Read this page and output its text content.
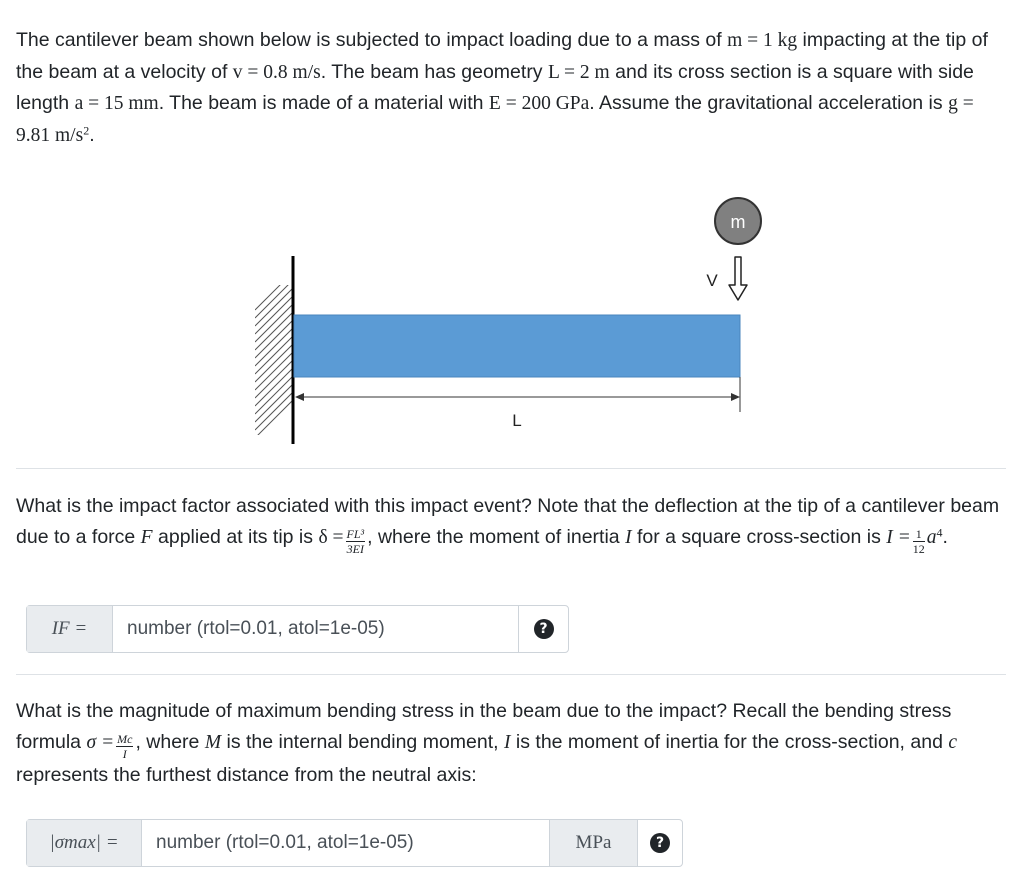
The cantilever beam shown below is subjected to impact loading due to a mass of m = 1 kg impacting at the tip of the beam at a velocity of v = 0.8 m/s. The beam has geometry L = 2 m and its cross section is a square with side length a = 15 mm. The beam is made of a material with E = 200 GPa. Assume the gravitational acceleration is g = 9.81 $m/s^2$.

L
m
V

What is the impact factor associated with this impact event? Note that the deflection at the tip of a cantilever beam due to a force F applied at its tip is $\delta = \frac{\text{FL³}}{3EI}$ , where the moment of inertia I for a square cross-section is $I = \frac{1}{12} a^4$.

IF =	number (rtol=0.01, atol=1e-05)	?

What is the magnitude of maximum bending stress in the beam due to the impact? Recall the bending stress formula $\sigma = \frac{Mc}{I}$ , where M is the internal bending moment, I is the moment of inertia for the cross-section, and c represents the furthest distance from the neutral axis:

|σmax| =	number (rtol=0.01, atol=1e-05)	MPa	?
